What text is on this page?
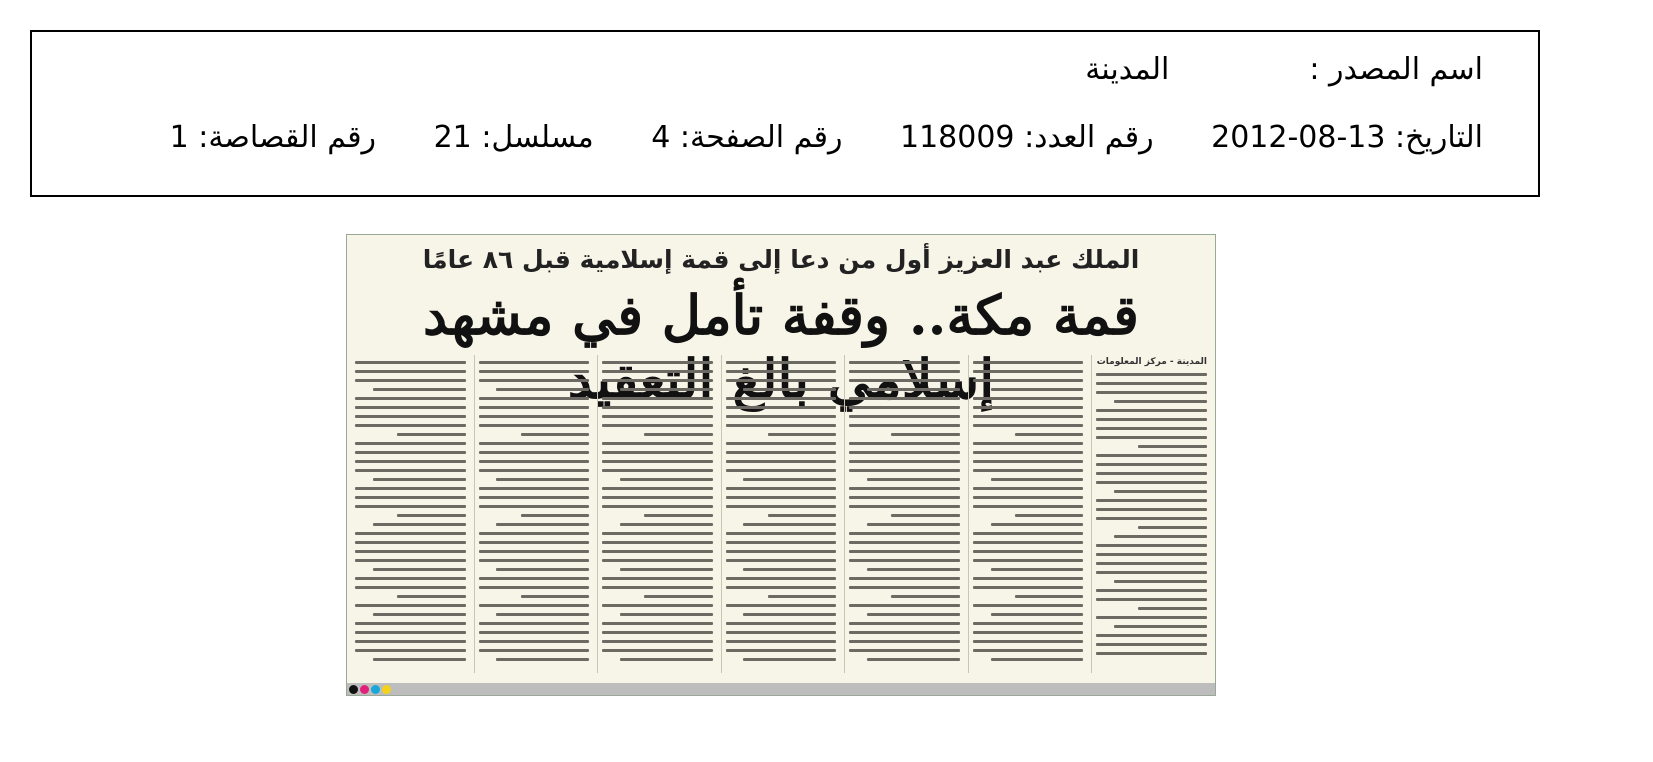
اسم المصدر :المدينة
التاريخ: 2012-08-13 رقم العدد: 118009 رقم الصفحة: 4 مسلسل: 21 رقم القصاصة: 1
الملك عبد العزيز أول من دعا إلى قمة إسلامية قبل ٨٦ عامًا
قمة مكة.. وقفة تأمل في مشهد
المدينة - مركز المعلومات
